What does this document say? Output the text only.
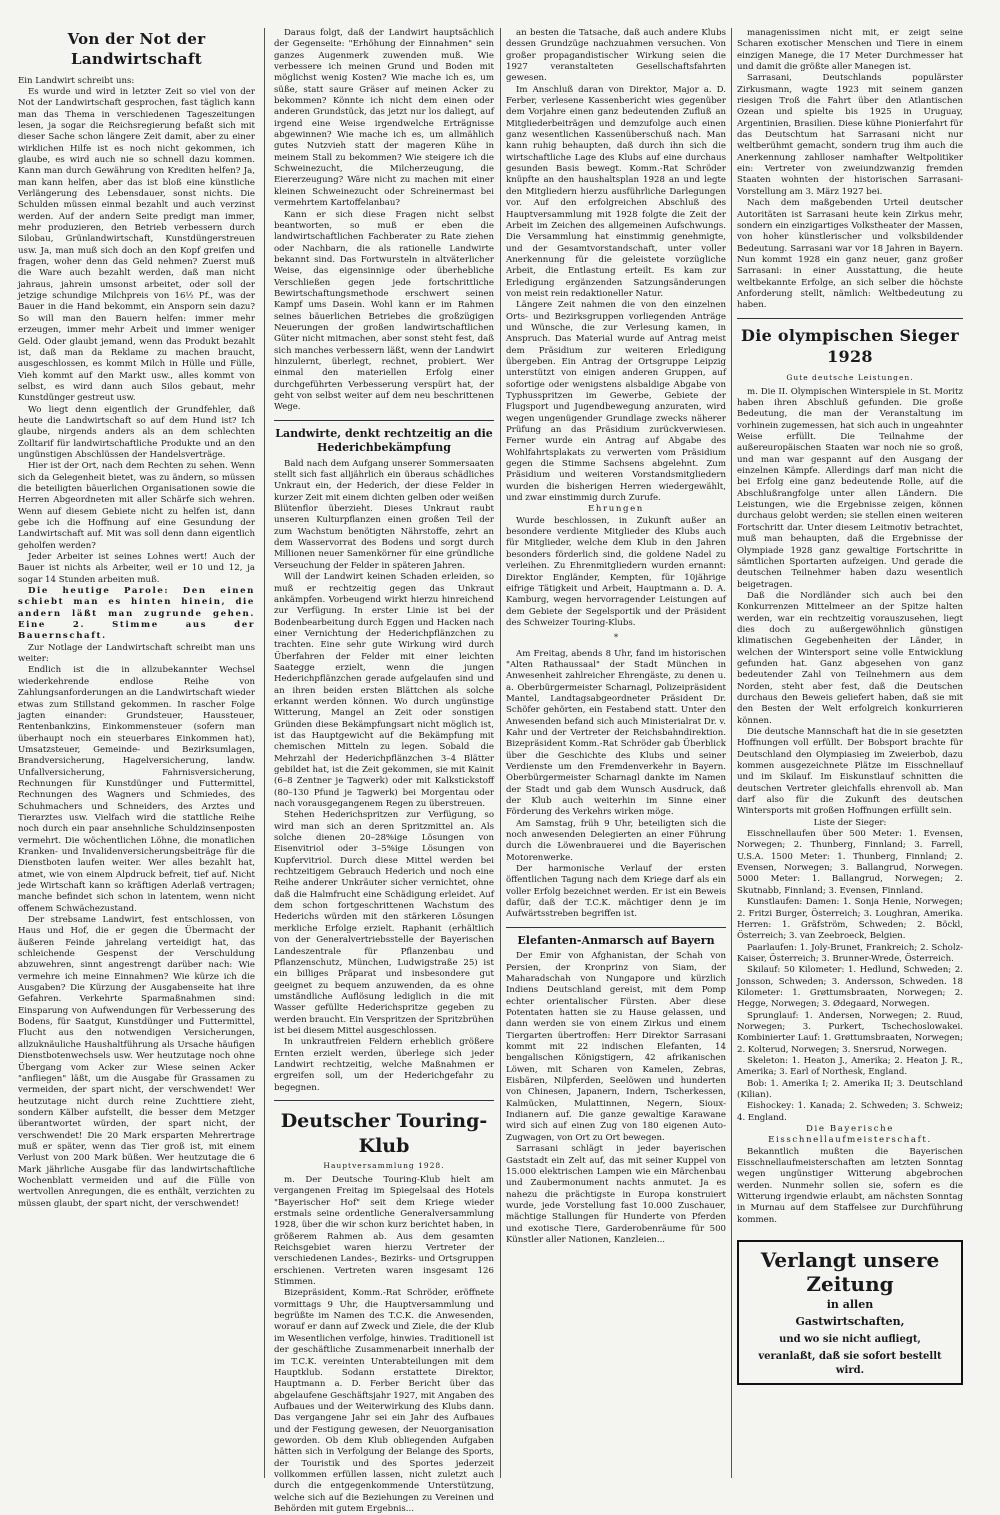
Von der Not der Landwirtschaft

Ein Landwirt schreibt uns:

Es wurde und wird in letzter Zeit so viel von der Not der Landwirtschaft gesprochen, fast täglich kann man das Thema in verschiedenen Tageszeitungen lesen, ja sogar die Reichsregierung befaßt sich mit dieser Sache schon längere Zeit damit, aber zu einer wirklichen Hilfe ist es noch nicht gekommen, ich glaube, es wird auch nie so schnell dazu kommen. Kann man durch Gewährung von Krediten helfen? Ja, man kann helfen, aber das ist bloß eine künstliche Verlängerung des Lebensdauer, sonst nichts. Die Schulden müssen einmal bezahlt und auch verzinst werden. Auf der andern Seite predigt man immer, mehr produzieren, den Betrieb verbessern durch Silobau, Grünlandwirtschaft, Kunstdüngerstreuen usw. Ja, man muß sich doch an den Kopf greifen und fragen, woher denn das Geld nehmen? Zuerst muß die Ware auch bezahlt werden, daß man nicht jahraus, jahrein umsonst arbeitet, oder soll der jetzige schundige Milchpreis von 16½ Pf., was der Bauer in die Hand bekommt, ein Ansporn sein dazu? So will man den Bauern helfen: immer mehr erzeugen, immer mehr Arbeit und immer weniger Geld. Oder glaubt jemand, wenn das Produkt bezahlt ist, daß man da Reklame zu machen braucht, ausgeschlossen, es kommt Milch in Hülle und Fülle, Vieh kommt auf den Markt usw., alles kommt von selbst, es wird dann auch Silos gebaut, mehr Kunstdünger gestreut usw.

Wo liegt denn eigentlich der Grundfehler, daß heute die Landwirtschaft so auf dem Hund ist? Ich glaube, nirgends anders als an dem schlechten Zolltarif für landwirtschaftliche Produkte und an den ungünstigen Abschlüssen der Handelsverträge.

Hier ist der Ort, nach dem Rechten zu sehen. Wenn sich da Gelegenheit bietet, was zu ändern, so müssen die beteiligten bäuerlichen Organisationen sowie die Herren Abgeordneten mit aller Schärfe sich wehren. Wenn auf diesem Gebiete nicht zu helfen ist, dann gebe ich die Hoffnung auf eine Gesundung der Landwirtschaft auf. Mit was soll denn dann eigentlich geholfen werden?

Jeder Arbeiter ist seines Lohnes wert! Auch der Bauer ist nichts als Arbeiter, weil er 10 und 12, ja sogar 14 Stunden arbeiten muß.

Die heutige Parole: Den einen schiebt man es hinten hinein, die andern läßt man zugrunde gehen. Eine 2. Stimme aus der Bauernschaft.

Zur Notlage der Landwirtschaft schreibt man uns weiter:

Endlich ist die in allzubekannter Wechsel wiederkehrende endlose Reihe von Zahlungsanforderungen an die Landwirtschaft wieder etwas zum Stillstand gekommen. In rascher Folge jagten einander: Grundsteuer, Haussteuer, Rentenbankzins, Einkommensteuer (sofern man überhaupt noch ein steuerbares Einkommen hat), Umsatzsteuer, Gemeinde- und Bezirksumlagen, Brandversicherung, Hagelversicherung, landw. Unfallversicherung, Fahrnisversicherung, Rechnungen für Kunstdünger und Futtermittel, Rechnungen des Wagners und Schmiedes, des Schuhmachers und Schneiders, des Arztes und Tierarztes usw. Vielfach wird die stattliche Reihe noch durch ein paar ansehnliche Schuldzinsenposten vermehrt. Die wöchentlichen Löhne, die monatlichen Kranken- und Invalidenversicherungsbeiträge für die Dienstboten laufen weiter. Wer alles bezahlt hat, atmet, wie von einem Alpdruck befreit, tief auf. Nicht jede Wirtschaft kann so kräftigen Aderlaß vertragen; manche befindet sich schon in latentem, wenn nicht offenem Schwächezustand.

Der strebsame Landwirt, fest entschlossen, von Haus und Hof, die er gegen die Übermacht der äußeren Feinde jahrelang verteidigt hat, das schleichende Gespenst der Verschuldung abzuwehren, sinnt angestrengt darüber nach: Wie vermehre ich meine Einnahmen? Wie kürze ich die Ausgaben? Die Kürzung der Ausgabenseite hat ihre Gefahren. Verkehrte Sparmaßnahmen sind: Einsparung von Aufwendungen für Verbesserung des Bodens, für Saatgut, Kunstdünger und Futtermittel, Flucht aus den notwendigen Versicherungen, allzuknäuliche Haushaltführung als Ursache häufigen Dienstbotenwechsels usw. Wer heutzutage noch ohne Übergang vom Acker zur Wiese seinen Acker "anfliegen" läßt, um die Ausgabe für Grassamen zu vermeiden, der spart nicht, der verschwendet! Wer heutzutage nicht durch reine Zuchttiere zieht, sondern Kälber aufstellt, die besser dem Metzger überantwortet würden, der spart nicht, der verschwendet! Die 20 Mark ersparten Mehrertrage muß er später, wenn das Tier groß ist, mit einem Verlust von 200 Mark büßen. Wer heutzutage die 6 Mark jährliche Ausgabe für das landwirtschaftliche Wochenblatt vermeiden und auf die Fülle von wertvollen Anregungen, die es enthält, verzichten zu müssen glaubt, der spart nicht, der verschwendet!

Daraus folgt, daß der Landwirt hauptsächlich der Gegenseite: "Erhöhung der Einnahmen" sein ganzes Augenmerk zuwenden muß. Wie verbessere ich meinen Grund und Boden mit möglichst wenig Kosten? Wie mache ich es, um süße, statt saure Gräser auf meinen Acker zu bekommen? Könnte ich nicht dem einen oder anderen Grundstück, das jetzt nur los daliegt, auf irgend eine Weise irgendwelche Erträgnisse abgewinnen? Wie mache ich es, um allmählich gutes Nutzvieh statt der mageren Kühe in meinem Stall zu bekommen? Wie steigere ich die Schweinezucht, die Milcherzeugung, die Eiererzeugung? Wäre nicht zu machen mit einer kleinen Schweinezucht oder Schreinermast bei vermehrtem Kartoffelanbau?

Kann er sich diese Fragen nicht selbst beantworten, so muß er eben die landwirtschaftlichen Fachberater zu Rate ziehen oder Nachbarn, die als rationelle Landwirte bekannt sind. Das Fortwursteln in altväterlicher Weise, das eigensinnige oder überhebliche Verschließen gegen jede fortschrittliche Bewirtschaftungsmethode erschwert seinen Kampf ums Dasein. Wohl kann er im Rahmen seines bäuerlichen Betriebes die großzügigen Neuerungen der großen landwirtschaftlichen Güter nicht mitmachen, aber sonst steht fest, daß sich manches verbessern läßt, wenn der Landwirt hinzulernt, überlegt, rechnet, probiert. Wer einmal den materiellen Erfolg einer durchgeführten Verbesserung verspürt hat, der geht von selbst weiter auf dem neu beschrittenen Wege.

Landwirte, denkt rechtzeitig an die Hederichbekämpfung

Bald nach dem Aufgang unserer Sommersaaten stellt sich fast alljährlich ein überaus schädliches Unkraut ein, der Hederich, der diese Felder in kurzer Zeit mit einem dichten gelben oder weißen Blütenflor überzieht. Dieses Unkraut raubt unseren Kulturpflanzen einen großen Teil der zum Wachstum benötigten Nährstoffe, zehrt an dem Wasservorrat des Bodens und sorgt durch Millionen neuer Samenkörner für eine gründliche Verseuchung der Felder in späteren Jahren.

Will der Landwirt keinen Schaden erleiden, so muß er rechtzeitig gegen das Unkraut ankämpfen. Vorbeugend wirkt hierzu hinreichend zur Verfügung. In erster Linie ist bei der Bodenbearbeitung durch Eggen und Hacken nach einer Vernichtung der Hederichpflänzchen zu trachten. Eine sehr gute Wirkung wird durch Überfahren der Felder mit einer leichten Saategge erzielt, wenn die jungen Hederichpflänzchen gerade aufgelaufen sind und an ihren beiden ersten Blättchen als solche erkannt werden können. Wo durch ungünstige Witterung, Mangel an Zeit oder sonstigen Gründen diese Bekämpfungsart nicht möglich ist, ist das Hauptgewicht auf die Bekämpfung mit chemischen Mitteln zu legen. Sobald die Mehrzahl der Hederichpflänzchen 3–4 Blätter gebildet hat, ist die Zeit gekommen, sie mit Kainit (6–8 Zentner je Tagwerk) oder mit Kalkstickstoff (80–130 Pfund je Tagwerk) bei Morgentau oder nach vorausgegangenem Regen zu überstreuen.

Stehen Hederichspritzen zur Verfügung, so wird man sich an deren Spritzmittel an. Als solche dienen 20–28%ige Lösungen von Eisenvitriol oder 3–5%ige Lösungen von Kupfervitriol. Durch diese Mittel werden bei rechtzeitigem Gebrauch Hederich und noch eine Reihe anderer Unkräuter sicher vernichtet, ohne daß die Halmfrucht eine Schädigung erleidet. Auf dem schon fortgeschrittenen Wachstum des Hederichs würden mit den stärkeren Lösungen merkliche Erfolge erzielt. Raphanit (erhältlich von der Generalvertriebsstelle der Bayerischen Landeszentrale für Pflanzenbau und Pflanzenschutz, München, Ludwigstraße 25) ist ein billiges Präparat und insbesondere gut geeignet zu bequem anzuwenden, da es ohne umständliche Auflösung lediglich in die mit Wasser gefüllte Hederichspritze gegeben zu werden braucht. Ein Verspritzen der Spritzbrühen ist bei diesem Mittel ausgeschlossen.

In unkrautfreien Feldern erheblich größere Ernten erzielt werden, überlege sich jeder Landwirt rechtzeitig, welche Maßnahmen er ergreifen soll, um der Hederichgefahr zu begegnen.

Deutscher Touring-Klub
Hauptversammlung 1928.

m. Der Deutsche Touring-Klub hielt am vergangenen Freitag im Spiegelsaal des Hotels "Bayerischer Hof" seit dem Kriege wieder erstmals seine ordentliche Generalversammlung 1928, über die wir schon kurz berichtet haben, in größerem Rahmen ab. Aus dem gesamten Reichsgebiet waren hierzu Vertreter der verschiedenen Landes-, Bezirks- und Ortsgruppen erschienen. Vertreten waren insgesamt 126 Stimmen.

Bizepräsident, Komm.-Rat Schröder, eröffnete vormittags 9 Uhr, die Hauptversammlung und begrüßte im Namen des T.C.K. die Anwesenden, worauf er dann auf Zweck und Ziele, die der Klub im Wesentlichen verfolge, hinwies. Traditionell ist der geschäftliche Zusammenarbeit innerhalb der im T.C.K. vereinten Unterabteilungen mit dem Hauptklub. Sodann erstattete Direktor, Hauptmann a. D. Ferber Bericht über das abgelaufene Geschäftsjahr 1927, mit Angaben des Aufbaues und der Weiterwirkung des Klubs dann. Das vergangene Jahr sei ein Jahr des Aufbaues und der Festigung gewesen, der Neuorganisation geworden. Ob dem Klub obliegenden Aufgaben hätten sich in Verfolgung der Belange des Sports, der Touristik und des Sportes jederzeit vollkommen erfüllen lassen, nicht zuletzt auch durch die entgegenkommende Unterstützung, welche sich auf die Beziehungen zu Vereinen und Behörden mit gutem Ergebnis...

an besten die Tatsache, daß auch andere Klubs dessen Grundzüge nachzuahmen versuchen. Von großer propagandistischer Wirkung seien die 1927 veranstalteten Gesellschaftsfahrten gewesen.

Im Anschluß daran von Direktor, Major a. D. Ferber, verlesene Kassenbericht wies gegenüber dem Vorjahre einen ganz bedeutenden Zufluß an Mitgliederbeiträgen und demzufolge auch einen ganz wesentlichen Kassenüberschuß nach. Man kann ruhig behaupten, daß durch ihn sich die wirtschaftliche Lage des Klubs auf eine durchaus gesunden Basis bewegt. Komm.-Rat Schröder knüpfte an den haushaltsplan 1928 an und legte den Mitgliedern hierzu ausführliche Darlegungen vor. Auf den erfolgreichen Abschluß des Hauptversammlung mit 1928 folgte die Zeit der Arbeit im Zeichen des allgemeinen Aufschwungs. Die Versammlung hat einstimmig genehmigte, und der Gesamtvorstandschaft, unter voller Anerkennung für die geleistete vorzügliche Arbeit, die Entlastung erteilt. Es kam zur Erledigung ergänzenden Satzungsänderungen von meist rein redaktioneller Natur.

Längere Zeit nahmen die von den einzelnen Orts- und Bezirksgruppen vorliegenden Anträge und Wünsche, die zur Verlesung kamen, in Anspruch. Das Material wurde auf Antrag meist dem Präsidium zur weiteren Erledigung übergeben. Ein Antrag der Ortsgruppe Leipzig unterstützt von einigen anderen Gruppen, auf sofortige oder wenigstens alsbaldige Abgabe von Typhusspritzen im Gewerbe, Gebiete der Flugsport und Jugendbewegung anzuraten, wird wegen ungenügender Grundlage zwecks näherer Prüfung an das Präsidium zurückverwiesen. Ferner wurde ein Antrag auf Abgabe des Wohlfahrtsplakats zu verwerten vom Präsidium gegen die Stimme Sachsens abgelehnt. Zum Präsidium und weiteren Vorstandsmitgliedern wurden die bisherigen Herren wiedergewählt, und zwar einstimmig durch Zurufe.

Ehrungen

Wurde beschlossen, in Zukunft außer an besondere verdiente Mitglieder des Klubs auch für Mitglieder, welche dem Klub in den Jahren besonders förderlich sind, die goldene Nadel zu verleihen. Zu Ehrenmitgliedern wurden ernannt: Direktor Engländer, Kempten, für 10jährige eifrige Tätigkeit und Arbeit, Hauptmann a. D. A. Kamburg, wegen hervorragender Leistungen auf dem Gebiete der Segelsportik und der Präsident des Schweizer Touring-Klubs.

*

Am Freitag, abends 8 Uhr, fand im historischen "Alten Rathaussaal" der Stadt München in Anwesenheit zahlreicher Ehrengäste, zu denen u. a. Oberbürgermeister Scharnagl, Polizeipräsident Mantel, Landtagsabgeordneter Präsident Dr. Schöfer gehörten, ein Festabend statt. Unter den Anwesenden befand sich auch Ministerialrat Dr. v. Kahr und der Vertreter der Reichsbahndirektion. Bizepräsident Komm.-Rat Schröder gab Überblick über die Geschichte des Klubs und seiner Verdienste um den Fremdenverkehr in Bayern. Oberbürgermeister Scharnagl dankte im Namen der Stadt und gab dem Wunsch Ausdruck, daß der Klub auch weiterhin im Sinne einer Förderung des Verkehrs wirken möge.

Am Samstag, früh 9 Uhr, beteiligten sich die noch anwesenden Delegierten an einer Führung durch die Löwenbrauerei und die Bayerischen Motorenwerke.

Der harmonische Verlauf der ersten öffentlichen Tagung nach dem Kriege darf als ein voller Erfolg bezeichnet werden. Er ist ein Beweis dafür, daß der T.C.K. mächtiger denn je im Aufwärtsstreben begriffen ist.

Elefanten-Anmarsch auf Bayern

Der Emir von Afghanistan, der Schah von Persien, der Kronprinz von Siam, der Maharadschah von Nungapore und kürzlich Indiens Deutschland gereist, mit dem Pomp echter orientalischer Fürsten. Aber diese Potentaten hatten sie zu Hause gelassen, und dann werden sie von einem Zirkus und einem Tiergarten übertroffen: Herr Direktor Sarrasani kommt mit 22 indischen Elefanten, 14 bengalischen Königstigern, 42 afrikanischen Löwen, mit Scharen von Kamelen, Zebras, Eisbären, Nilpferden, Seelöwen und hunderten von Chinesen, Japanern, Indern, Tscherkessen, Kalmücken, Mulattinnen, Negern, Sioux-Indianern auf. Die ganze gewaltige Karawane wird sich auf einen Zug von 180 eigenen Auto-Zugwagen, von Ort zu Ort bewegen.

Sarrasani schlägt in jeder bayerischen Gaststadt ein Zelt auf, das mit seiner Kuppel von 15.000 elektrischen Lampen wie ein Märchenbau und Zaubermonument nachts anmutet. Ja es nahezu die prächtigste in Europa konstruiert wurde, jede Vorstellung fast 10.000 Zuschauer, mächtige Stallungen für Hunderte von Pferden und exotische Tiere, Garderobenräume für 500 Künstler aller Nationen, Kanzleien...

managenissimen nicht mit, er zeigt seine Scharen exotischer Menschen und Tiere in einem einzigen Manege, die 17 Meter Durchmesser hat und damit die größte aller Manegen ist.

Sarrasani, Deutschlands populärster Zirkusmann, wagte 1923 mit seinem ganzen riesigen Troß die Fahrt über den Atlantischen Ozean und spielte bis 1925 in Uruguay, Argentinien, Brasilien. Diese kühne Pionierfahrt für das Deutschtum hat Sarrasani nicht nur weltberühmt gemacht, sondern trug ihm auch die Anerkennung zahlloser namhafter Weltpolitiker ein: Vertreter von zweiundzwanzig fremden Staaten wohnten der historischen Sarrasani-Vorstellung am 3. März 1927 bei.

Nach dem maßgebenden Urteil deutscher Autoritäten ist Sarrasani heute kein Zirkus mehr, sondern ein einzigartiges Volkstheater der Massen, von hoher künstlerischer und volksbildender Bedeutung. Sarrasani war vor 18 Jahren in Bayern. Nun kommt 1928 ein ganz neuer, ganz großer Sarrasani: in einer Ausstattung, die heute weltbekannte Erfolge, an sich selber die höchste Anforderung stellt, nämlich: Weltbedeutung zu haben.

Die olympischen Sieger 1928
Gute deutsche Leistungen.

m. Die II. Olympischen Winterspiele in St. Moritz haben ihren Abschluß gefunden. Die große Bedeutung, die man der Veranstaltung im vorhinein zugemessen, hat sich auch in ungeahnter Weise erfüllt. Die Teilnahme der außereuropäischen Staaten war noch nie so groß, und man war gespannt auf den Ausgang der einzelnen Kämpfe. Allerdings darf man nicht die bei Erfolg eine ganz bedeutende Rolle, auf die Abschlußrangfolge unter allen Ländern. Die Leistungen, wie die Ergebnisse zeigen, können durchaus gelobt werden; sie stellen einen weiteren Fortschritt dar. Unter diesem Leitmotiv betrachtet, muß man behaupten, daß die Ergebnisse der Olympiade 1928 ganz gewaltige Fortschritte in sämtlichen Sportarten aufzeigen. Und gerade die deutschen Teilnehmer haben dazu wesentlich beigetragen.

Daß die Nordländer sich auch bei den Konkurrenzen Mittelmeer an der Spitze halten werden, war ein rechtzeitig vorauszusehen, liegt dies doch zu außergewöhnlich günstigen klimatischen Gegebenheiten der Länder, in welchen der Wintersport seine volle Entwicklung gefunden hat. Ganz abgesehen von ganz bedeutender Zahl von Teilnehmern aus dem Norden, steht aber fest, daß die Deutschen durchaus den Beweis geliefert haben, daß sie mit den Besten der Welt erfolgreich konkurrieren können.

Die deutsche Mannschaft hat die in sie gesetzten Hoffnungen voll erfüllt. Der Bobsport brachte für Deutschland den Olympiasieg im Zweierbob, dazu kommen ausgezeichnete Plätze im Eisschnellauf und im Skilauf. Im Eiskunstlauf schnitten die deutschen Vertreter gleichfalls ehrenvoll ab. Man darf also für die Zukunft des deutschen Wintersports mit großen Hoffnungen erfüllt sein.

Liste der Sieger:

Eisschnellaufen über 500 Meter: 1. Evensen, Norwegen; 2. Thunberg, Finnland; 3. Farrell, U.S.A. 1500 Meter: 1. Thunberg, Finnland; 2. Evensen, Norwegen; 3. Ballangrud, Norwegen. 5000 Meter: 1. Ballangrud, Norwegen; 2. Skutnabb, Finnland; 3. Evensen, Finnland.

Kunstlaufen: Damen: 1. Sonja Henie, Norwegen; 2. Fritzi Burger, Österreich; 3. Loughran, Amerika. Herren: 1. Gräfström, Schweden; 2. Böckl, Österreich; 3. van Zeebroeck, Belgien.

Paarlaufen: 1. Joly-Brunet, Frankreich; 2. Scholz-Kaiser, Österreich; 3. Brunner-Wrede, Österreich.

Skilauf: 50 Kilometer: 1. Hedlund, Schweden; 2. Jonsson, Schweden; 3. Andersson, Schweden. 18 Kilometer: 1. Grøttumsbraaten, Norwegen; 2. Hegge, Norwegen; 3. Ødegaard, Norwegen.

Sprunglauf: 1. Andersen, Norwegen; 2. Ruud, Norwegen; 3. Purkert, Tschechoslowakei. Kombinierter Lauf: 1. Grøttumsbraaten, Norwegen; 2. Kolterud, Norwegen; 3. Snersrud, Norwegen.

Skeleton: 1. Heaton J., Amerika; 2. Heaton J. R., Amerika; 3. Earl of Northesk, England.

Bob: 1. Amerika I; 2. Amerika II; 3. Deutschland (Kilian).

Eishockey: 1. Kanada; 2. Schweden; 3. Schweiz; 4. England.

Die Bayerische Eisschnellaufmeisterschaft.

Bekanntlich mußten die Bayerischen Eisschnellaufmeisterschaften am letzten Sonntag wegen ungünstiger Witterung abgebrochen werden. Nunmehr sollen sie, sofern es die Witterung irgendwie erlaubt, am nächsten Sonntag in Murnau auf dem Staffelsee zur Durchführung kommen.

Verlangt unsere Zeitung
in allen
Gastwirtschaften,
und wo sie nicht aufliegt,
veranlaßt, daß sie sofort bestellt wird.
